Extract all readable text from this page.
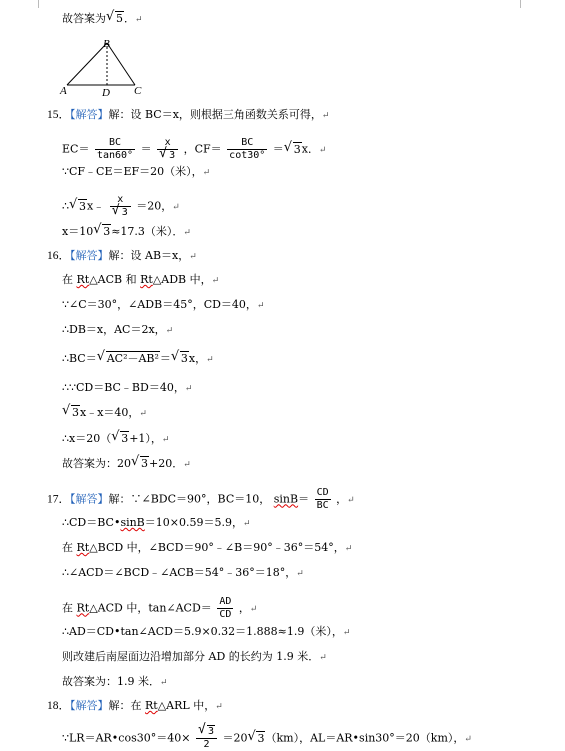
故答案为√ 5．↵
B
A	D C
15．【解答】解：设 BC＝x，则根据三角函数关系可得，↵
$EC= \frac{BC}{\tan 60^\circ} = x$
√ 3 ，$CF= \frac{BC}{\cot 30^\circ}$ ＝√ 3x．↵
∵CF﹣CE＝EF＝20（米），↵
∴√ 3x﹣ x
√ 3 ＝20，↵
x＝10√ 3≈17.3（米）．↵
16．【解答】解：设 AB＝x，↵
在 Rt△ACB 和 Rt△ADB 中，↵
∵∠C＝30°，∠ADB＝45°，CD＝40，↵
∴DB＝x，AC＝2x，↵
∴BC＝√ AC²－AB²＝√ 3x，↵
∴∵CD＝BC﹣BD＝40，↵
√ 3x﹣x＝40，↵
∴x＝20（√ 3+1），↵
故答案为：20√ 3+20．↵
17．【解答】解：∵∠BDC＝90°，BC＝10， $\sin B= \frac{CD}{BC}$ ，↵
∴CD＝BC•sinB＝10×0.59＝5.9，↵
在 Rt△BCD 中，∠BCD＝90°﹣∠B＝90°﹣36°＝54°，↵
∴∠ACD＝∠BCD﹣∠ACB＝54°﹣36°＝18°，↵
在 Rt△ACD 中，tan∠ACD＝ $\frac{AD}{CD}$ ，↵
∴AD＝CD•tan∠ACD＝5.9×0.32＝1.888≈1.9（米），↵
则改建后南屋面边沿增加部分 AD 的长约为 1.9 米．↵
故答案为：1.9 米．↵
18．【解答】解：在 Rt△ARL 中，↵
∵LR＝AR•cos30°＝40×
√ $\frac{3}{2} =20√$ 3（km），AL＝AR•sin30°＝20（km），↵
